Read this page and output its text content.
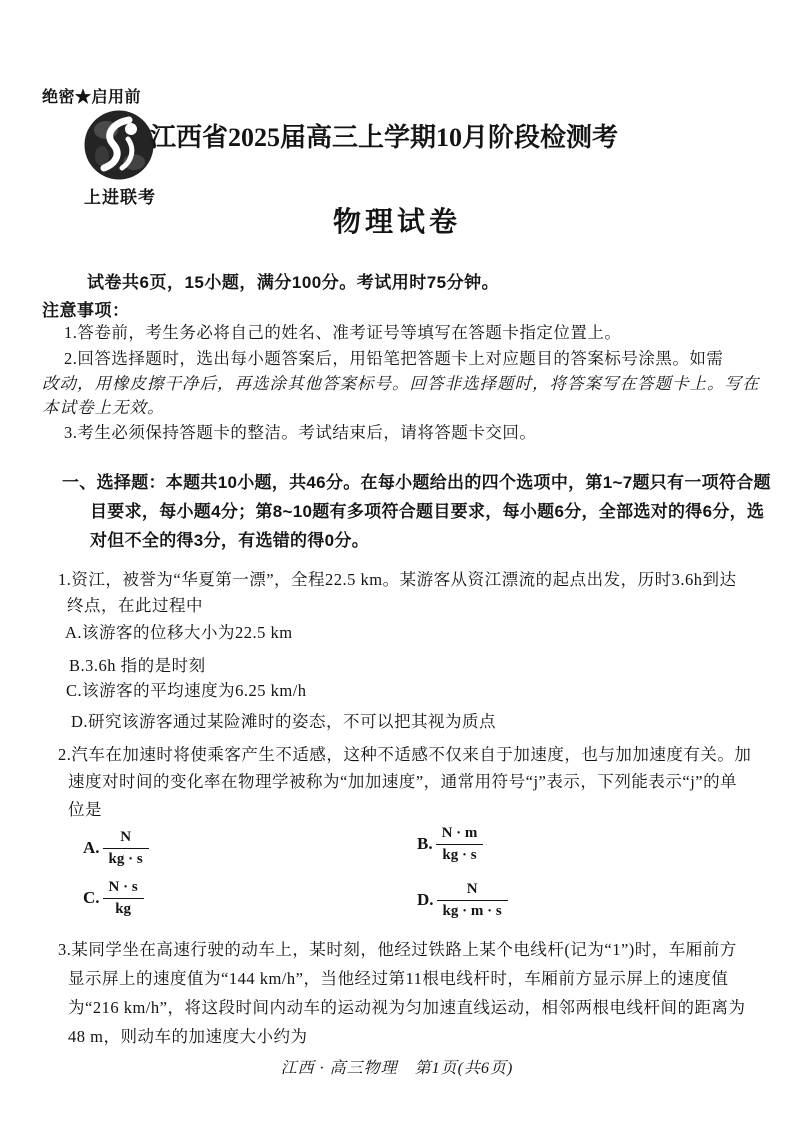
绝密★启用前
上进联考
江西省2025届高三上学期10月阶段检测考
物理试卷
试卷共6页，15小题，满分100分。考试用时75分钟。
注意事项：
1.答卷前，考生务必将自己的姓名、准考证号等填写在答题卡指定位置上。
2.回答选择题时，选出每小题答案后，用铅笔把答题卡上对应题目的答案标号涂黑。如需
改动，用橡皮擦干净后，再选涂其他答案标号。回答非选择题时，将答案写在答题卡上。写在
本试卷上无效。
3.考生必须保持答题卡的整洁。考试结束后，请将答题卡交回。
一、选择题：本题共10小题，共46分。在每小题给出的四个选项中，第1~7题只有一项符合题
目要求，每小题4分；第8~10题有多项符合题目要求，每小题6分，全部选对的得6分，选
对但不全的得3分，有选错的得0分。
1.资江，被誉为“华夏第一漂”，全程22.5 km。某游客从资江漂流的起点出发，历时3.6h到达
终点，在此过程中
A.该游客的位移大小为22.5 km
B.3.6h 指的是时刻
C.该游客的平均速度为6.25 km/h
D.研究该游客通过某险滩时的姿态，不可以把其视为质点
2.汽车在加速时将使乘客产生不适感，这种不适感不仅来自于加速度，也与加加速度有关。加
速度对时间的变化率在物理学被称为“加加速度”，通常用符号“j”表示，下列能表示“j”的单
位是
A. $\frac{N}{kg \cdot s}$	B. $\frac{N \cdot m}{kg \cdot s}$
C. $\frac{N \cdot s}{kg}$	D. $\frac{N}{kg \cdot m \cdot s}$
3.某同学坐在高速行驶的动车上，某时刻，他经过铁路上某个电线杆(记为“1”)时，车厢前方
显示屏上的速度值为“144 km/h”，当他经过第11根电线杆时，车厢前方显示屏上的速度值
为“216 km/h”，将这段时间内动车的运动视为匀加速直线运动，相邻两根电线杆间的距离为
48 m，则动车的加速度大小约为
江西 · 高三物理　第1页(共6页)
